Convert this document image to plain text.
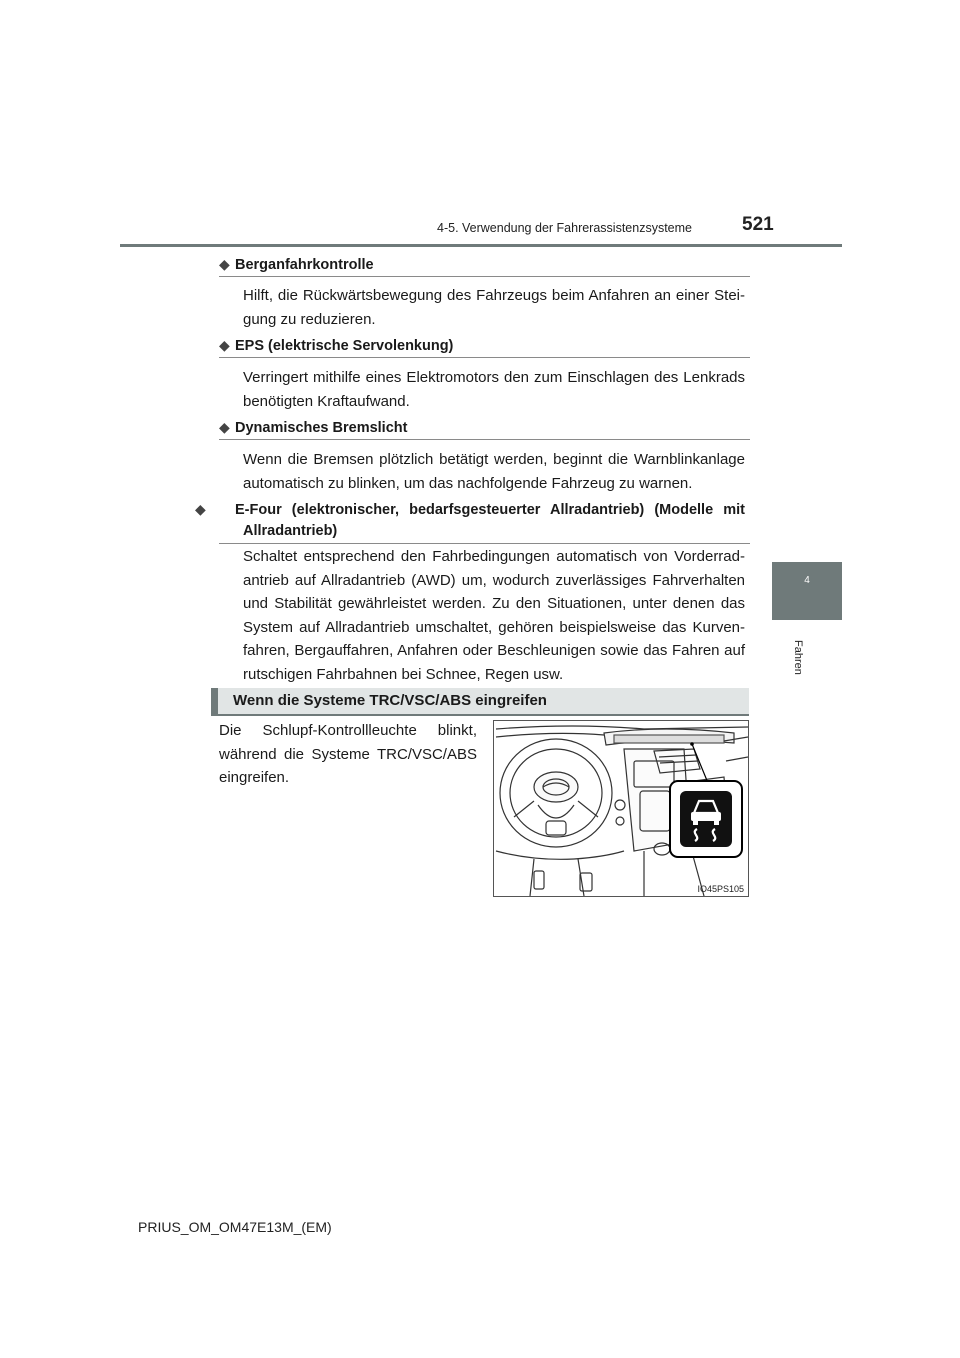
4-5. Verwendung der Fahrerassistenzsysteme	521
4
Fahren
◆ Berganfahrkontrolle
Hilft, die Rückwärtsbewegung des Fahrzeugs beim Anfahren an einer Stei-gung zu reduzieren.
◆ EPS (elektrische Servolenkung)
Verringert mithilfe eines Elektromotors den zum Einschlagen des Lenkrads benötigten Kraftaufwand.
◆ Dynamisches Bremslicht
Wenn die Bremsen plötzlich betätigt werden, beginnt die Warnblinkanlage automatisch zu blinken, um das nachfolgende Fahrzeug zu warnen.
◆ E-Four (elektronischer, bedarfsgesteuerter Allradantrieb) (Modelle mit Allradantrieb)
Schaltet entsprechend den Fahrbedingungen automatisch von Vorderrad-antrieb auf Allradantrieb (AWD) um, wodurch zuverlässiges Fahrverhalten und Stabilität gewährleistet werden. Zu den Situationen, unter denen das System auf Allradantrieb umschaltet, gehören beispielsweise das Kurven-fahren, Bergauffahren, Anfahren oder Beschleunigen sowie das Fahren auf rutschigen Fahrbahnen bei Schnee, Regen usw.
Wenn die Systeme TRC/VSC/ABS eingreifen
Die Schlupf-Kontrollleuchte blinkt, während die Systeme TRC/VSC/ABS eingreifen.
IO45PS105
PRIUS_OM_OM47E13M_(EM)
